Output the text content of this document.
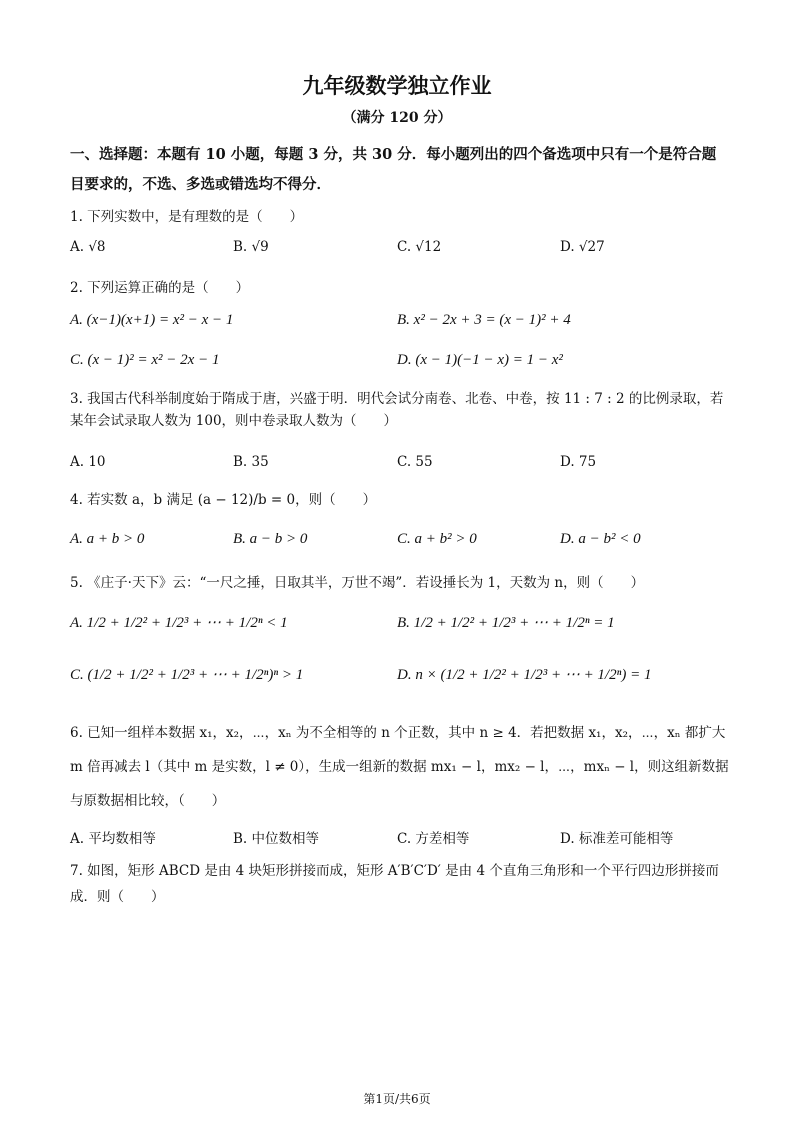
九年级数学独立作业
（满分 120 分）
一、选择题：本题有 10 小题，每题 3 分，共 30 分．每小题列出的四个备选项中只有一个是符合题目要求的，不选、多选或错选均不得分．
1. 下列实数中，是有理数的是（　　）
A. √8	B. √9	C. √12	D. √27
2. 下列运算正确的是（　　）
A. (x−1)(x+1) = x² − x − 1	B. x² − 2x + 3 = (x − 1)² + 4
C. (x − 1)² = x² − 2x − 1	D. (x − 1)(−1 − x) = 1 − x²
3. 我国古代科举制度始于隋成于唐，兴盛于明．明代会试分南卷、北卷、中卷，按 11 : 7 : 2 的比例录取，若某年会试录取人数为 100，则中卷录取人数为（　　）
A. 10	B. 35	C. 55	D. 75
4. 若实数 a，b 满足 (a − 12)/b = 0，则（　　）
A. a + b > 0	B. a − b > 0	C. a + b² > 0	D. a − b² < 0
5. 《庄子·天下》云：“一尺之捶，日取其半，万世不竭”．若设捶长为 1，天数为 n，则（　　）
A. 1/2 + 1/2² + 1/2³ + ⋯ + 1/2ⁿ < 1	B. 1/2 + 1/2² + 1/2³ + ⋯ + 1/2ⁿ = 1
C. (1/2 + 1/2² + 1/2³ + ⋯ + 1/2ⁿ)ⁿ > 1	D. n × (1/2 + 1/2² + 1/2³ + ⋯ + 1/2ⁿ) = 1
6. 已知一组样本数据 x₁，x₂，⋯，xₙ 为不全相等的 n 个正数，其中 n ≥ 4．若把数据 x₁，x₂，⋯，xₙ 都扩大 m 倍再减去 l（其中 m 是实数，l ≠ 0），生成一组新的数据 mx₁ − l，mx₂ − l，⋯，mxₙ − l，则这组新数据与原数据相比较，（　　）
A. 平均数相等	B. 中位数相等	C. 方差相等	D. 标准差可能相等
7. 如图，矩形 ABCD 是由 4 块矩形拼接而成，矩形 A′B′C′D′ 是由 4 个直角三角形和一个平行四边形拼接而成．则（　　）
第1页/共6页
